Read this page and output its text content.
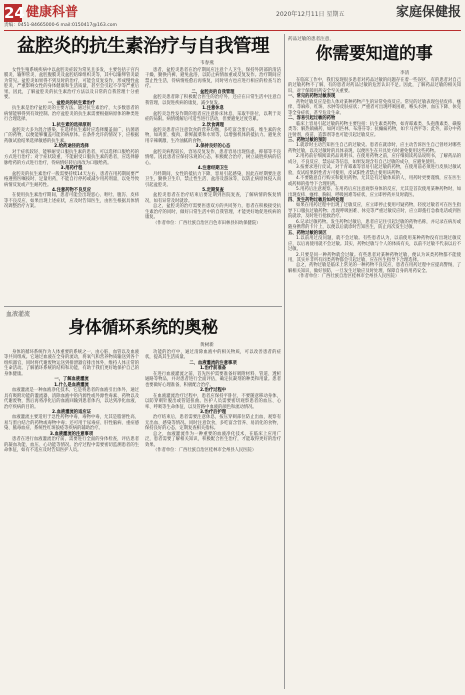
24 健康科普	2020年12月11日 星期五	家庭保健报
责编：0451-84665000-6 mail:0150417@163.com
盆腔炎的抗生素治疗与自我管理
韦春燕

女性生殖系统疾病中以盆腔炎症较为常见且多发，主要包括子宫内膜炎、输卵管炎、盆腔腹膜炎及盆腔结缔组织炎等，其中以输卵管炎最为常见。盆腔炎如果得不到及时的治疗，可能会反复发作，形成慢性盆腔炎，严重影响女性的身体健康和生活质量，甚至会引起不孕等严重后果。因此，了解盆腔炎的抗生素治疗方法以及日常的自我管理十分重要。

一、盆腔炎的抗生素治疗

抗生素是治疗盆腔炎的主要方法。通过抗生素治疗，大多数患者的病情能够得到有效控制。治疗盆腔炎的抗生素需要根据病原体的种类进行合理选择。

1.抗生素的选择原则

盆腔炎大多为混合感染，在选择抗生素时应选择覆盖面广、抗菌谱广的药物，以便能够覆盖可能的病原体。在条件允许的情况下，应根据药敏试验结果选择敏感的抗生素。

2.给药途径的选择

对于症状较轻、能够耐受口服抗生素的患者，可以选择口服给药的方式进行治疗；对于症状较重、不能耐受口服抗生素的患者，应选择静脉给药的方式进行治疗，待病情好转后再改为口服给药。

3.用药疗程

盆腔炎的抗生素治疗一般需要持续14天左右，患者在用药期间要严格遵照医嘱按时、足量用药，不能自行停药或减少用药剂量，以免导致病情反复或产生耐药性。

4.注意药物不良反应

在使用抗生素治疗期间，患者可能会出现恶心、呕吐、腹泻、皮疹等不良反应，如果出现上述症状，应及时告知医生，由医生根据具体情况调整治疗方案。

患者，盆腔炎患者在治疗期间应注意个人卫生，保持外阴部的清洁干燥，勤换内裤，避免盆浴，以防止病情加重或反复发作。治疗期间应禁止性生活，待病情痊愈后再恢复，同时男方也应进行相应的检查与治疗。

二、盆腔炎的自我管理

盆腔炎患者除了积极配合医生的治疗外，还应在日常生活中注意自我管理，以促进疾病的康复，减少复发。

1.注意休息

盆腔炎急性发作期的患者应注意卧床休息，采取半卧位，以利于炎症的局限。病情缓解后可适当进行活动，但要避免过度劳累。

2.饮食调理

盆腔炎患者应注意饮食的营养均衡，多吃富含蛋白质、维生素的食物，如鸡蛋、瘦肉、新鲜蔬菜和水果等，以增强机体的抵抗力。避免食用辛辣刺激、生冷油腻的食物。

3.保持良好的心态

盆腔炎病程较长，容易反复发作，患者容易出现焦虑、抑郁等不良情绪。因此患者应保持乐观的心态，积极配合治疗，树立战胜疾病的信心。

4.注意经期卫生

月经期间，女性的抵抗力下降，容易引起感染，因此在经期要注意卫生，勤换卫生巾，禁止性生活、盆浴及游泳等，以防止病原体侵入而引起盆腔炎。

5.定期复查

盆腔炎患者在治疗结束后要定期到医院复查，了解病情的恢复情况，如有异常及时就诊。

总之，盆腔炎的治疗需要医患双方的共同努力，患者在积极接受抗生素治疗的同时，做好日常生活中的自我管理，才能更好地促进疾病的康复。

（作者单位：广西壮族自治区百色市田林县妇幼保健院）

血液灌流
身体循环系统的奥秘
黄树新

身体的循环系统作为人体重要的系统之一，由心脏、血管以及血液等共同组成。它通过血液在全身的流动，将氧气和营养物质输送到各个组织器官，同时将代谢废物运送到排泄器官排出体外，维持人体正常的生命活动。了解循环系统的结构和功能，有助于我们更好地保护自己的身体健康。

一、了解血液灌流

1.什么是血液灌流

血液灌流是一种血液净化技术，它是将患者的血液引出体外，通过具有吸附功能的灌流器，清除血液中的内源性或外源性毒素、药物以及代谢废物，然后再将净化后的血液回输到患者体内，以达到净化血液、治疗疾病的目的。

2.血液灌流的适应证

血液灌流主要适用于急性药物中毒、毒物中毒，尤其是脂溶性高、易与蛋白结合的药物或毒物中毒；还可用于尿毒症、肝性脑病、重症感染、脓毒血症、系统性红斑狼疮等疾病的辅助治疗。

3.血液灌流的注意事项

患者在进行血液灌流治疗前，需要进行全面的身体检查，评估患者的凝血功能、血压、心功能等情况。治疗过程中需要密切监测患者的生命体征，如有不适应及时告知医护人员。

功能的治疗中，通过清除血液中的相关物质，可以改善患者的症状，提高其生活质量。

二、血液灌流的注意事项

1.治疗前准备

在进行血液灌流之前，首先医护需要准备好吸附材料、管道、透析通路等物品，并对患者进行全面评估，确定抗凝剂的种类和用量。患者也要做好心理准备，积极配合治疗。

2.治疗过程中

在血液灌流治疗过程中，患者应保持平卧位，不要随意移动身体，以防穿刺针脱出或管道扭曲。医护人员需要密切观察患者的血压、心率、呼吸等生命体征，以及管路中血液的颜色和流动情况。

3.治疗后护理

治疗结束后，患者需要注意休息，按压穿刺部位防止出血，观察有无出血、感染等情况。同时注意饮食，多吃富含营养、易消化的食物，保持良好的心态，定期复查相关指标。

总之，血液灌流作为一种重要的血液净化技术，在临床上应用广泛，患者需要了解相关知识，积极配合医生治疗，才能取得更好的治疗效果。

（作者单位：广西壮族自治区桂林市全州县人民医院）

药品过敏的患者注意，
你需要知道的事
李清

在临床工作中，我们发现很多患者对药品过敏的问题存在着一些误区，有的患者对自己的过敏药物不了解，有的患者对药品过敏的危害认识不足。因此，了解药品过敏的相关知识，对于保障用药安全至关重要。

一、常见的药物过敏表现

药物过敏反应是指人体对某种药物产生的异常免疫反应。常见的过敏表现包括皮疹、瘙痒、荨麻疹、红斑、水肿等皮肤症状；严重者可出现呼吸困难、喉头水肿、血压下降、休克等全身症状，甚至危及生命。

二、容易引起过敏的药物

临床上容易引起过敏的药物主要包括：抗生素类药物，如青霉素类、头孢菌素类、磺胺类等；解热镇痛药，如阿司匹林、布洛芬等；抗癫痫药物，如卡马西平等；此外，部分中药注射剂、疫苗、造影剂等也可能引起过敏反应。

三、药物过敏的预防

1.就诊时主动告知医生自己的过敏史。患者在就诊时，应主动告诉医生自己曾经对哪些药物过敏，以及过敏时的具体表现，以便医生在开具处方时避免使用这些药物。

2.用药前仔细阅读药品说明书。在使用药物之前，应仔细阅读药品说明书，了解药品的成分、不良反应、禁忌证等信息，如果发现含有自己过敏的成分，应避免使用。

3.按要求进行皮试。对于青霉素等容易引起过敏的药物，在使用前必须进行皮肤过敏试验，皮试结果阴性者方可使用，皮试阳性者禁止使用该药物。

4.不要随意自行购买和使用药物。尤其是有过敏体质的人，用药时更要谨慎，应在医生或药师的指导下合理用药。

5.用药后注意观察。在用药后应注意观察身体的反应，尤其是首次使用某种药物时，如出现皮疹、瘙痒、胸闷、呼吸困难等症状，应立即停药并及时就医。

四、发生药物过敏后如何处理

如果在用药过程中出现了过敏反应，应立即停止使用可疑药物，轻度过敏者可在医生指导下口服抗过敏药物；出现呼吸困难、休克等严重过敏反应时，应立即拨打急救电话或到医院就诊，及时进行抢救治疗。

6.记录过敏药物。发生药物过敏后，患者应记住引起过敏的药物名称，并记录在病历或随身携带的卡片上，以便以后就诊时告知医生，防止再次发生过敏。

五、药物过敏的误区

1.以前用过没问题，就不会过敏。有些患者认为，以前使用某种药物没有出现过敏反应，以后再使用就不会过敏。其实，药物过敏与个人的体质有关，以前不过敏不代表以后不过敏。

2.只要是同一种药物就会过敏。有些患者对某种药物过敏，便认为该类药物都不能使用，其实并非所有同类药物都会引起过敏，应在医生指导下合理选择。

总之，药物过敏是临床上常见的一种药物不良反应，患者在用药过程中应提高警惕，了解相关知识，做好预防，一旦发生过敏应及时处理，保障自身的用药安全。

（作者单位：广西壮族自治区桂林市全州县人民医院）
